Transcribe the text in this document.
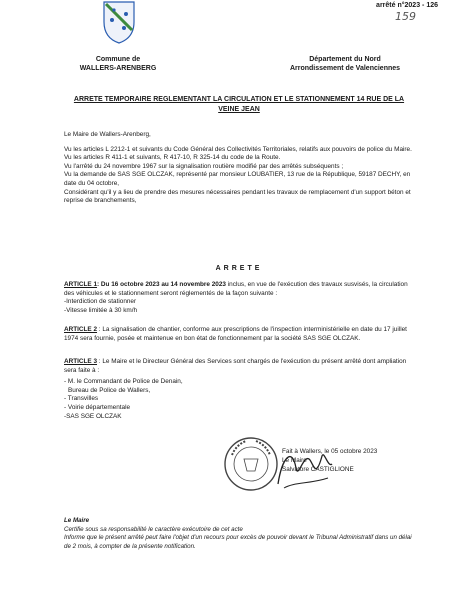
arrêté n°2023 - 126
159
Commune de
WALLERS-ARENBERG
Département du Nord
Arrondissement de Valenciennes
ARRETE TEMPORAIRE REGLEMENTANT LA CIRCULATION ET LE STATIONNEMENT 14 RUE DE LA VEINE JEAN

Le Maire de Wallers-Arenberg,

Vu les articles L 2212-1 et suivants du Code Général des Collectivités Territoriales, relatifs aux pouvoirs de police du Maire.

Vu les articles R 411-1 et suivants, R 417-10, R 325-14 du code de la Route.

Vu l'arrêté du 24 novembre 1967 sur la signalisation routière modifié par des arrêtés subséquents ;

Vu la demande de SAS SGE OLCZAK, représenté par monsieur LOUBATIER, 13 rue de la République, 59187 DECHY, en date du 04 octobre,

Considérant qu'il y a lieu de prendre des mesures nécessaires pendant les travaux de remplacement d'un support béton et reprise de branchements,

ARRETE

ARTICLE 1: Du 16 octobre 2023 au 14 novembre 2023 inclus, en vue de l'exécution des travaux susvisés, la circulation des véhicules et le stationnement seront réglementés de la façon suivante :

-Interdiction de stationner

-Vitesse limitée à 30 km/h

ARTICLE 2 : La signalisation de chantier, conforme aux prescriptions de l'inspection interministérielle en date du 17 juillet 1974 sera fournie, posée et maintenue en bon état de fonctionnement par la société SAS SGE OLCZAK.

ARTICLE 3 : Le Maire et le Directeur Général des Services sont chargés de l'exécution du présent arrêté dont ampliation sera faite à :

- M. le Commandant de Police de Denain,

Bureau de Police de Wallers,

- Transvilles

- Voirie départementale

-SAS SGE OLCZAK

Fait à Wallers, le 05 octobre 2023
Le Maire
Salvatore CASTIGLIONE
Le Maire
Certifie sous sa responsabilité le caractère exécutoire de cet acte
Informe que le présent arrêté peut faire l'objet d'un recours pour excès de pouvoir devant le Tribunal Administratif dans un délai de 2 mois, à compter de la présente notification.
